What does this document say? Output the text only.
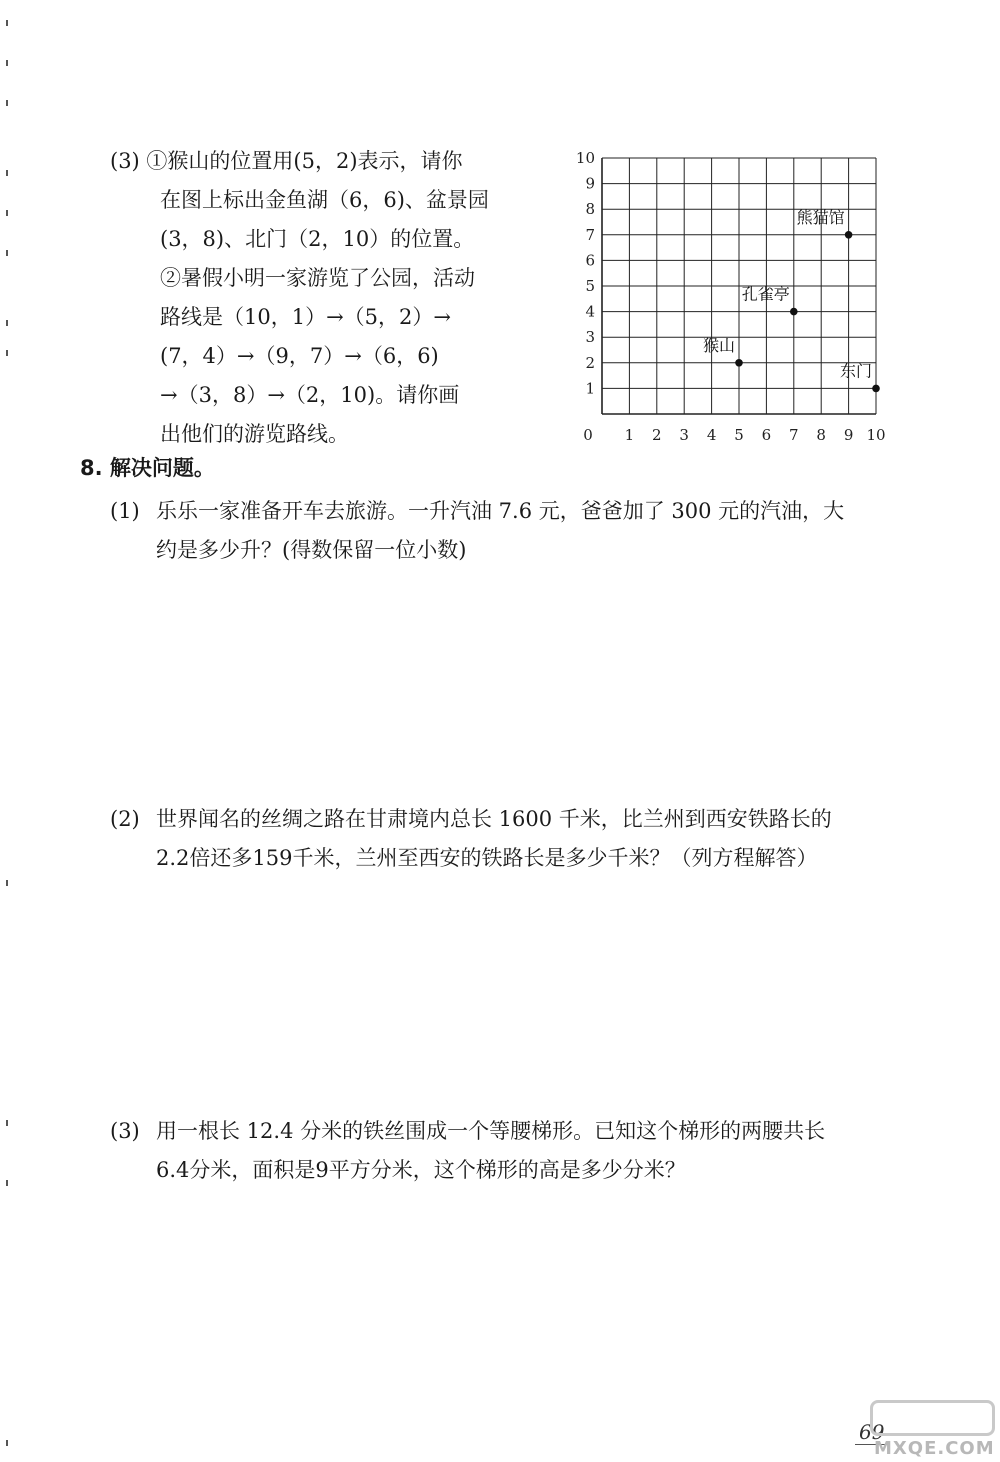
(3) ①猴山的位置用(5，2)表示，请你
在图上标出金鱼湖（6，6)、盆景园
(3，8)、北门（2，10）的位置。
②暑假小明一家游览了公园，活动
路线是（10，1）→（5，2）→
(7，4）→（9，7）→（6，6)
→（3，8）→（2，10)。请你画
出他们的游览路线。	0 1 2 3 4 5 6 7 8 9 10
1
2
3
4
5
6
7
8
9
10
熊猫馆
孔雀亭
猴山
东门
8. 解决问题。
(1) 乐乐一家准备开车去旅游。一升汽油 7.6 元，爸爸加了 300 元的汽油，大
约是多少升？(得数保留一位小数)
(2) 世界闻名的丝绸之路在甘肃境内总长 1600 千米，比兰州到西安铁路长的
2.2倍还多159千米，兰州至西安的铁路长是多少千米？（列方程解答）
(3) 用一根长 12.4 分米的铁丝围成一个等腰梯形。已知这个梯形的两腰共长
6.4分米，面积是9平方分米，这个梯形的高是多少分米？
69
MXQE.COM
